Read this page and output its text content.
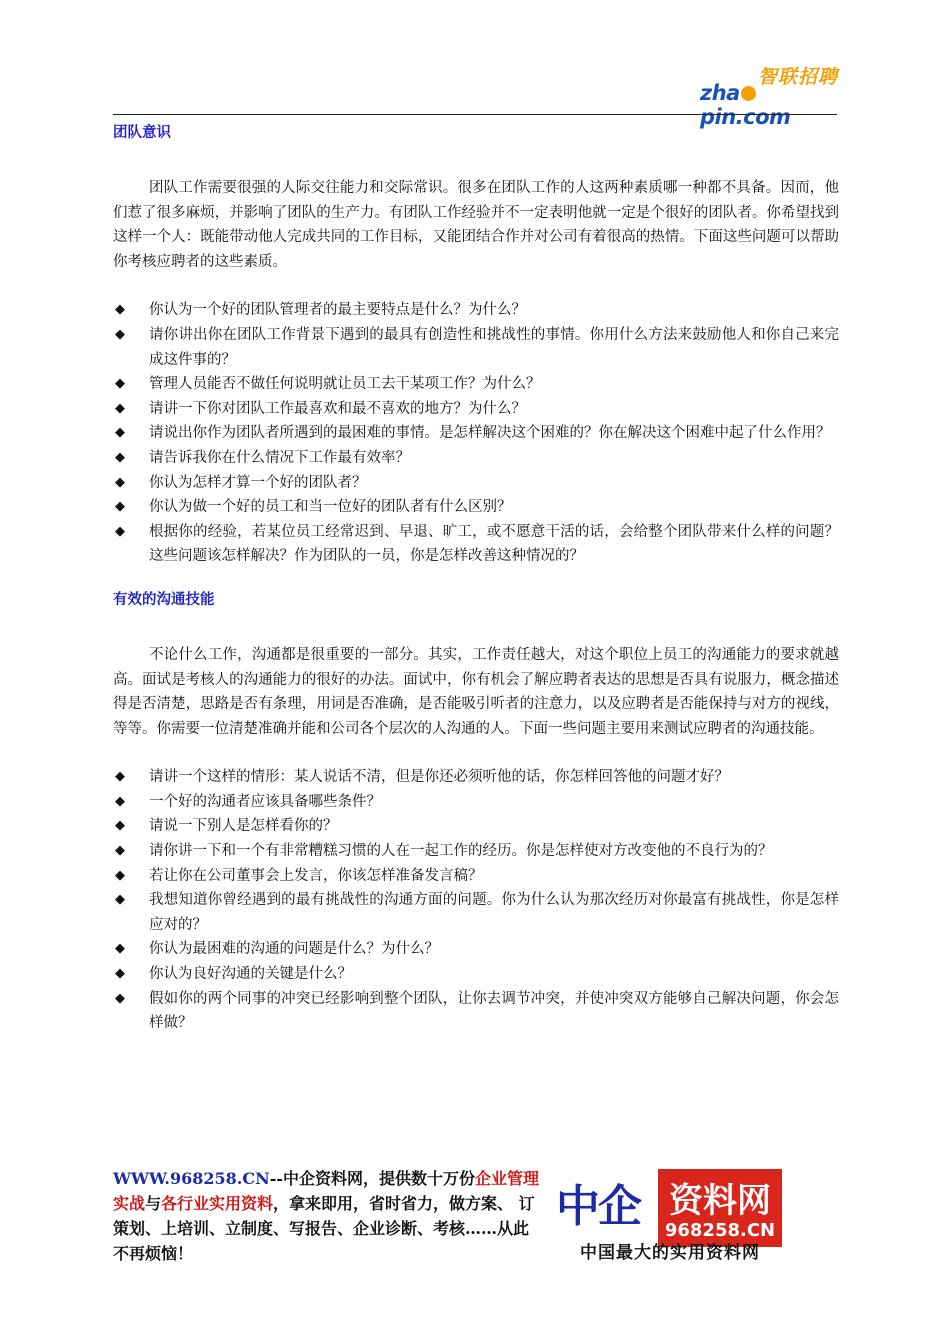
智联招聘
zhapin.com
团队意识

团队工作需要很强的人际交往能力和交际常识。很多在团队工作的人这两种素质哪一种都不具备。因而，他们惹了很多麻烦，并影响了团队的生产力。有团队工作经验并不一定表明他就一定是个很好的团队者。你希望找到这样一个人：既能带动他人完成共同的工作目标，又能团结合作并对公司有着很高的热情。下面这些问题可以帮助你考核应聘者的这些素质。

◆ 你认为一个好的团队管理者的最主要特点是什么？为什么？
◆ 请你讲出你在团队工作背景下遇到的最具有创造性和挑战性的事情。你用什么方法来鼓励他人和你自己来完成这件事的？
◆ 管理人员能否不做任何说明就让员工去干某项工作？为什么？
◆ 请讲一下你对团队工作最喜欢和最不喜欢的地方？为什么？
◆ 请说出你作为团队者所遇到的最困难的事情。是怎样解决这个困难的？你在解决这个困难中起了什么作用？
◆ 请告诉我你在什么情况下工作最有效率？
◆ 你认为怎样才算一个好的团队者？
◆ 你认为做一个好的员工和当一位好的团队者有什么区别？
◆ 根据你的经验，若某位员工经常迟到、早退、旷工，或不愿意干活的话，会给整个团队带来什么样的问题？这些问题该怎样解决？作为团队的一员，你是怎样改善这种情况的？
有效的沟通技能

不论什么工作，沟通都是很重要的一部分。其实，工作责任越大，对这个职位上员工的沟通能力的要求就越高。面试是考核人的沟通能力的很好的办法。面试中，你有机会了解应聘者表达的思想是否具有说服力，概念描述得是否清楚，思路是否有条理，用词是否准确，是否能吸引听者的注意力，以及应聘者是否能保持与对方的视线，等等。你需要一位清楚准确并能和公司各个层次的人沟通的人。下面一些问题主要用来测试应聘者的沟通技能。

◆ 请讲一个这样的情形：某人说话不清，但是你还必须听他的话，你怎样回答他的问题才好？
◆ 一个好的沟通者应该具备哪些条件？
◆ 请说一下别人是怎样看你的？
◆ 请你讲一下和一个有非常糟糕习惯的人在一起工作的经历。你是怎样使对方改变他的不良行为的？
◆ 若让你在公司董事会上发言，你该怎样准备发言稿？
◆ 我想知道你曾经遇到的最有挑战性的沟通方面的问题。你为什么认为那次经历对你最富有挑战性，你是怎样应对的？
◆ 你认为最困难的沟通的问题是什么？为什么？
◆ 你认为良好沟通的关键是什么？
◆ 假如你的两个同事的冲突已经影响到整个团队，让你去调节冲突，并使冲突双方能够自己解决问题，你会怎样做？
WWW.968258.CN--中企资料网，提供数十万份企业管理实战与各行业实用资料，拿来即用，省时省力，做方案、 订策划、上培训、立制度、写报告、企业诊断、考核……从此不再烦恼！
中企 资料网
968258.CN
中国最大的实用资料网
